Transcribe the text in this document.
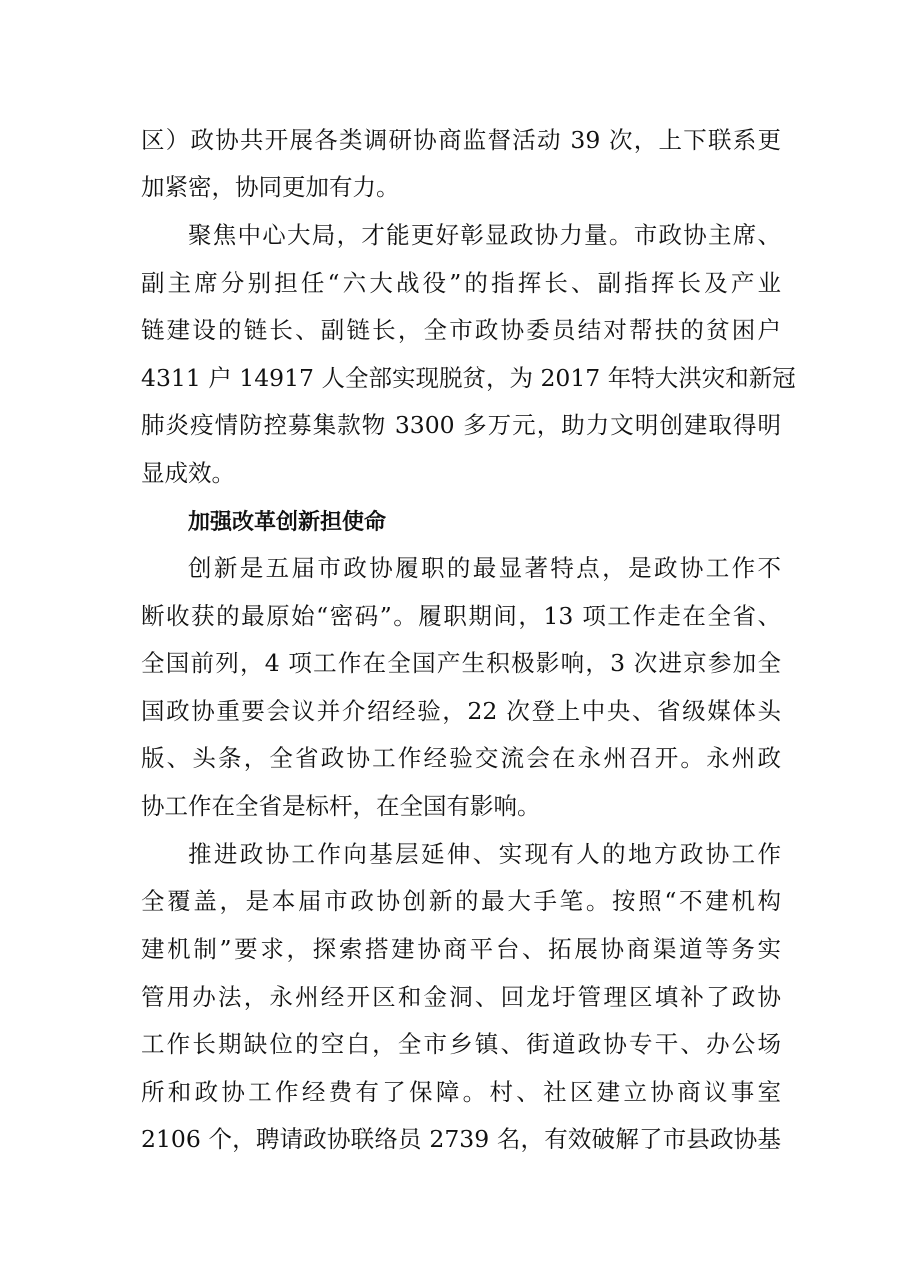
区）政协共开展各类调研协商监督活动 39 次，上下联系更
加紧密，协同更加有力。
聚焦中心大局，才能更好彰显政协力量。市政协主席、
副主席分别担任“六大战役”的指挥长、副指挥长及产业
链建设的链长、副链长，全市政协委员结对帮扶的贫困户
4311 户 14917 人全部实现脱贫，为 2017 年特大洪灾和新冠
肺炎疫情防控募集款物 3300 多万元，助力文明创建取得明
显成效。
加强改革创新担使命
创新是五届市政协履职的最显著特点，是政协工作不
断收获的最原始“密码”。履职期间，13 项工作走在全省、
全国前列，4 项工作在全国产生积极影响，3 次进京参加全
国政协重要会议并介绍经验，22 次登上中央、省级媒体头
版、头条，全省政协工作经验交流会在永州召开。永州政
协工作在全省是标杆，在全国有影响。
推进政协工作向基层延伸、实现有人的地方政协工作
全覆盖，是本届市政协创新的最大手笔。按照“不建机构
建机制”要求，探索搭建协商平台、拓展协商渠道等务实
管用办法，永州经开区和金洞、回龙圩管理区填补了政协
工作长期缺位的空白，全市乡镇、街道政协专干、办公场
所和政协工作经费有了保障。村、社区建立协商议事室
2106 个，聘请政协联络员 2739 名，有效破解了市县政协基
